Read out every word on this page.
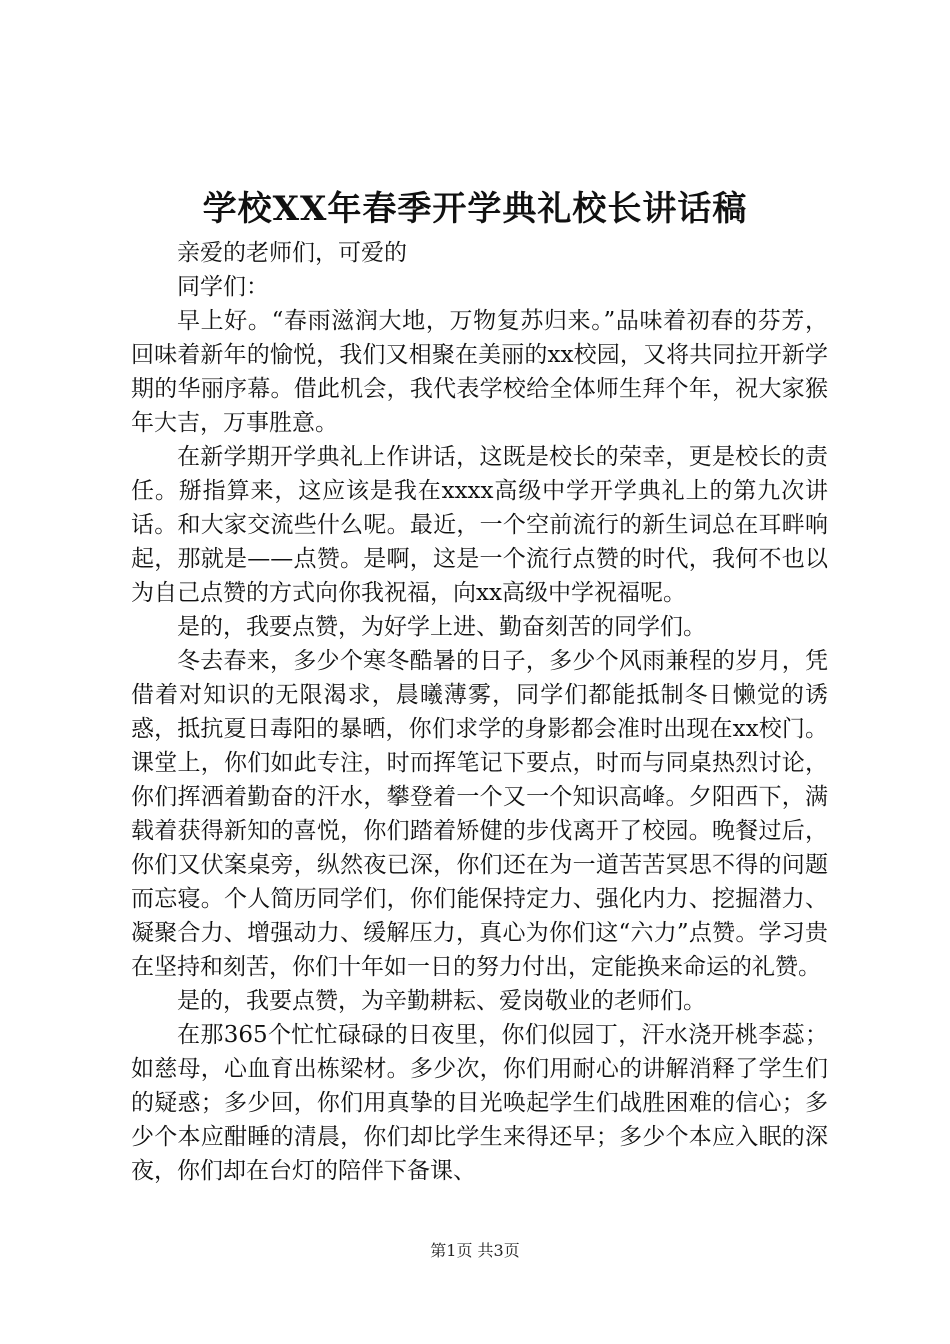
学校XX年春季开学典礼校长讲话稿

亲爱的老师们，可爱的

同学们：

早上好。“春雨滋润大地，万物复苏归来。”品味着初春的芬芳，回味着新年的愉悦，我们又相聚在美丽的xx校园，又将共同拉开新学期的华丽序幕。借此机会，我代表学校给全体师生拜个年，祝大家猴年大吉，万事胜意。

在新学期开学典礼上作讲话，这既是校长的荣幸，更是校长的责任。掰指算来，这应该是我在xxxx高级中学开学典礼上的第九次讲话。和大家交流些什么呢。最近，一个空前流行的新生词总在耳畔响起，那就是——点赞。是啊，这是一个流行点赞的时代，我何不也以为自己点赞的方式向你我祝福，向xx高级中学祝福呢。

是的，我要点赞，为好学上进、勤奋刻苦的同学们。

冬去春来，多少个寒冬酷暑的日子，多少个风雨兼程的岁月，凭借着对知识的无限渴求，晨曦薄雾，同学们都能抵制冬日懒觉的诱惑，抵抗夏日毒阳的暴晒，你们求学的身影都会准时出现在xx校门。课堂上，你们如此专注，时而挥笔记下要点，时而与同桌热烈讨论，你们挥洒着勤奋的汗水，攀登着一个又一个知识高峰。夕阳西下，满载着获得新知的喜悦，你们踏着矫健的步伐离开了校园。晚餐过后，你们又伏案桌旁，纵然夜已深，你们还在为一道苦苦冥思不得的问题而忘寝。个人简历同学们，你们能保持定力、强化内力、挖掘潜力、凝聚合力、增强动力、缓解压力，真心为你们这“六力”点赞。学习贵在坚持和刻苦，你们十年如一日的努力付出，定能换来命运的礼赞。

是的，我要点赞，为辛勤耕耘、爱岗敬业的老师们。

在那365个忙忙碌碌的日夜里，你们似园丁，汗水浇开桃李蕊；如慈母，心血育出栋梁材。多少次，你们用耐心的讲解消释了学生们的疑惑；多少回，你们用真挚的目光唤起学生们战胜困难的信心；多少个本应酣睡的清晨，你们却比学生来得还早；多少个本应入眠的深夜，你们却在台灯的陪伴下备课、

第1页 共3页
